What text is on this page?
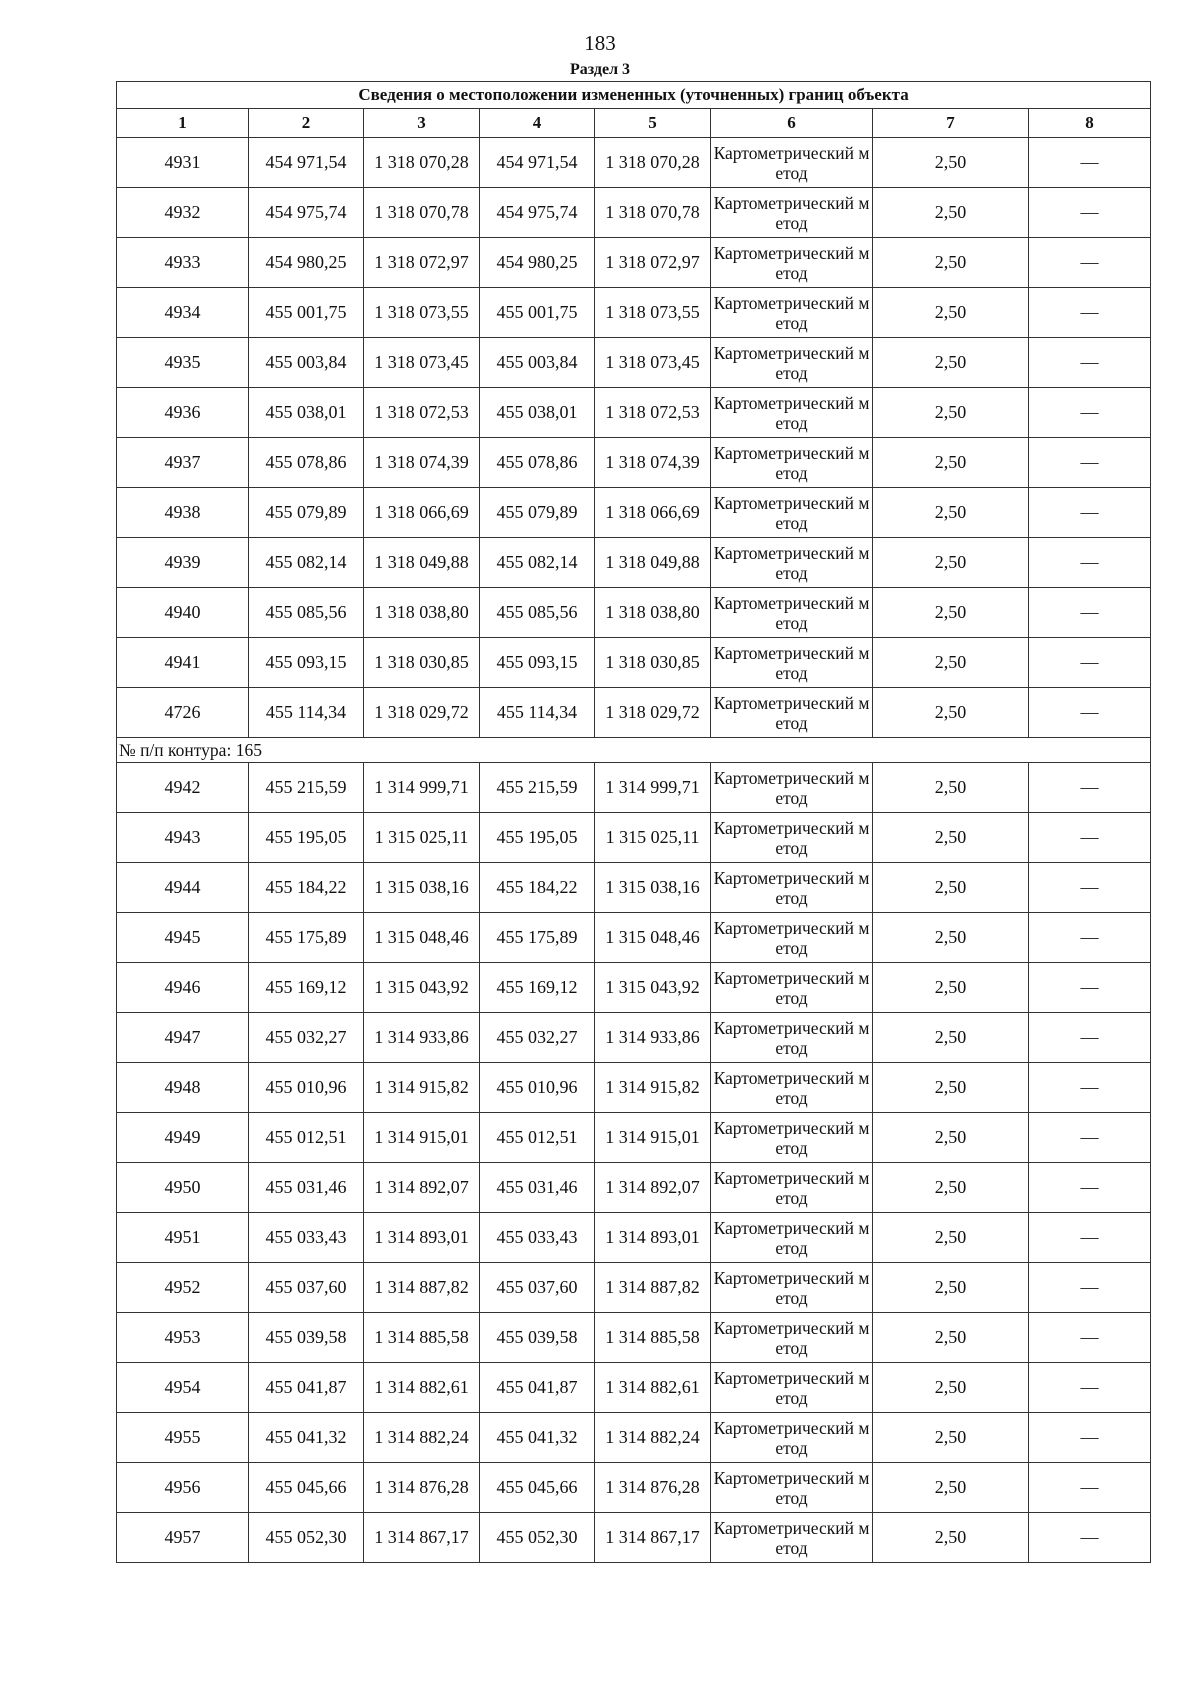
183
Раздел 3
Сведения о местоположении измененных (уточненных) границ объекта							
1	2	3	4	5	6	7	8
4931	454 971,54	1 318 070,28	454 971,54	1 318 070,28	Картометрический метод	2,50	—
4932	454 975,74	1 318 070,78	454 975,74	1 318 070,78	Картометрический метод	2,50	—
4933	454 980,25	1 318 072,97	454 980,25	1 318 072,97	Картометрический метод	2,50	—
4934	455 001,75	1 318 073,55	455 001,75	1 318 073,55	Картометрический метод	2,50	—
4935	455 003,84	1 318 073,45	455 003,84	1 318 073,45	Картометрический метод	2,50	—
4936	455 038,01	1 318 072,53	455 038,01	1 318 072,53	Картометрический метод	2,50	—
4937	455 078,86	1 318 074,39	455 078,86	1 318 074,39	Картометрический метод	2,50	—
4938	455 079,89	1 318 066,69	455 079,89	1 318 066,69	Картометрический метод	2,50	—
4939	455 082,14	1 318 049,88	455 082,14	1 318 049,88	Картометрический метод	2,50	—
4940	455 085,56	1 318 038,80	455 085,56	1 318 038,80	Картометрический метод	2,50	—
4941	455 093,15	1 318 030,85	455 093,15	1 318 030,85	Картометрический метод	2,50	—
4726	455 114,34	1 318 029,72	455 114,34	1 318 029,72	Картометрический метод	2,50	—
№ п/п контура: 165							
4942	455 215,59	1 314 999,71	455 215,59	1 314 999,71	Картометрический метод	2,50	—
4943	455 195,05	1 315 025,11	455 195,05	1 315 025,11	Картометрический метод	2,50	—
4944	455 184,22	1 315 038,16	455 184,22	1 315 038,16	Картометрический метод	2,50	—
4945	455 175,89	1 315 048,46	455 175,89	1 315 048,46	Картометрический метод	2,50	—
4946	455 169,12	1 315 043,92	455 169,12	1 315 043,92	Картометрический метод	2,50	—
4947	455 032,27	1 314 933,86	455 032,27	1 314 933,86	Картометрический метод	2,50	—
4948	455 010,96	1 314 915,82	455 010,96	1 314 915,82	Картометрический метод	2,50	—
4949	455 012,51	1 314 915,01	455 012,51	1 314 915,01	Картометрический метод	2,50	—
4950	455 031,46	1 314 892,07	455 031,46	1 314 892,07	Картометрический метод	2,50	—
4951	455 033,43	1 314 893,01	455 033,43	1 314 893,01	Картометрический метод	2,50	—
4952	455 037,60	1 314 887,82	455 037,60	1 314 887,82	Картометрический метод	2,50	—
4953	455 039,58	1 314 885,58	455 039,58	1 314 885,58	Картометрический метод	2,50	—
4954	455 041,87	1 314 882,61	455 041,87	1 314 882,61	Картометрический метод	2,50	—
4955	455 041,32	1 314 882,24	455 041,32	1 314 882,24	Картометрический метод	2,50	—
4956	455 045,66	1 314 876,28	455 045,66	1 314 876,28	Картометрический метод	2,50	—
4957	455 052,30	1 314 867,17	455 052,30	1 314 867,17	Картометрический метод	2,50	—
